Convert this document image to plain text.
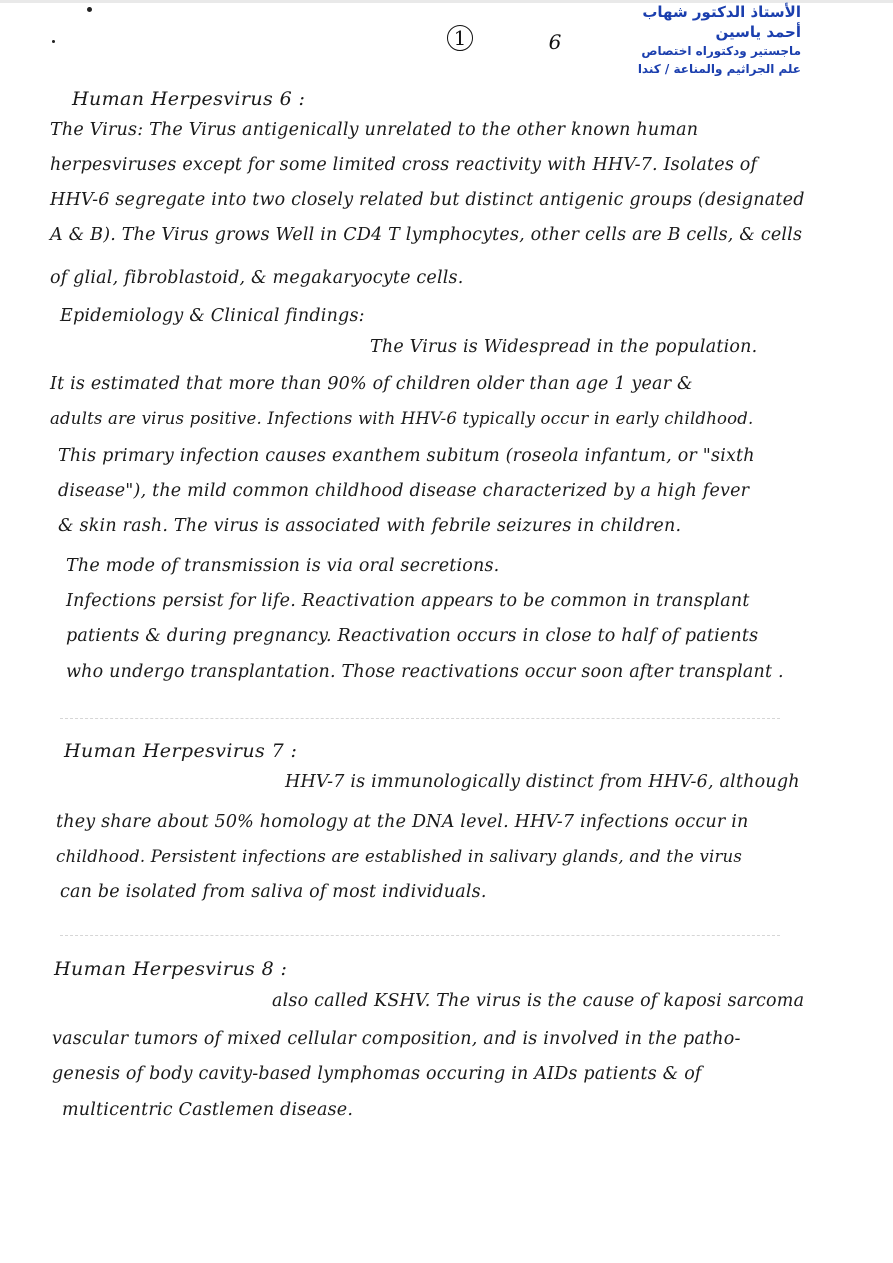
الأستاذ الدكتور شهاب أحمد ياسين
ماجستير ودكتوراه اختصاص
علم الجراثيم والمناعة / كندا
1	6
Human Herpesvirus 6 :
The Virus: The Virus antigenically unrelated to the other known human
herpesviruses except for some limited cross reactivity with HHV-7. Isolates of
HHV-6 segregate into two closely related but distinct antigenic groups (designated
A & B). The Virus grows Well in CD4 T lymphocytes, other cells are B cells, & cells
of glial, fibroblastoid, & megakaryocyte cells.
Epidemiology & Clinical findings:
The Virus is Widespread in the population.
It is estimated that more than 90% of children older than age 1 year &
adults are virus positive. Infections with HHV-6 typically occur in early childhood.
This primary infection causes exanthem subitum (roseola infantum, or "sixth
disease"), the mild common childhood disease characterized by a high fever
& skin rash. The virus is associated with febrile seizures in children.
The mode of transmission is via oral secretions.
Infections persist for life. Reactivation appears to be common in transplant
patients & during pregnancy. Reactivation occurs in close to half of patients
who undergo transplantation. Those reactivations occur soon after transplant .
Human Herpesvirus 7 :
HHV-7 is immunologically distinct from HHV-6, although
they share about 50% homology at the DNA level. HHV-7 infections occur in
childhood. Persistent infections are established in salivary glands, and the virus
can be isolated from saliva of most individuals.
Human Herpesvirus 8 :
also called KSHV. The virus is the cause of kaposi sarcoma
vascular tumors of mixed cellular composition, and is involved in the patho-
genesis of body cavity-based lymphomas occuring in AIDs patients & of
multicentric Castlemen disease.
